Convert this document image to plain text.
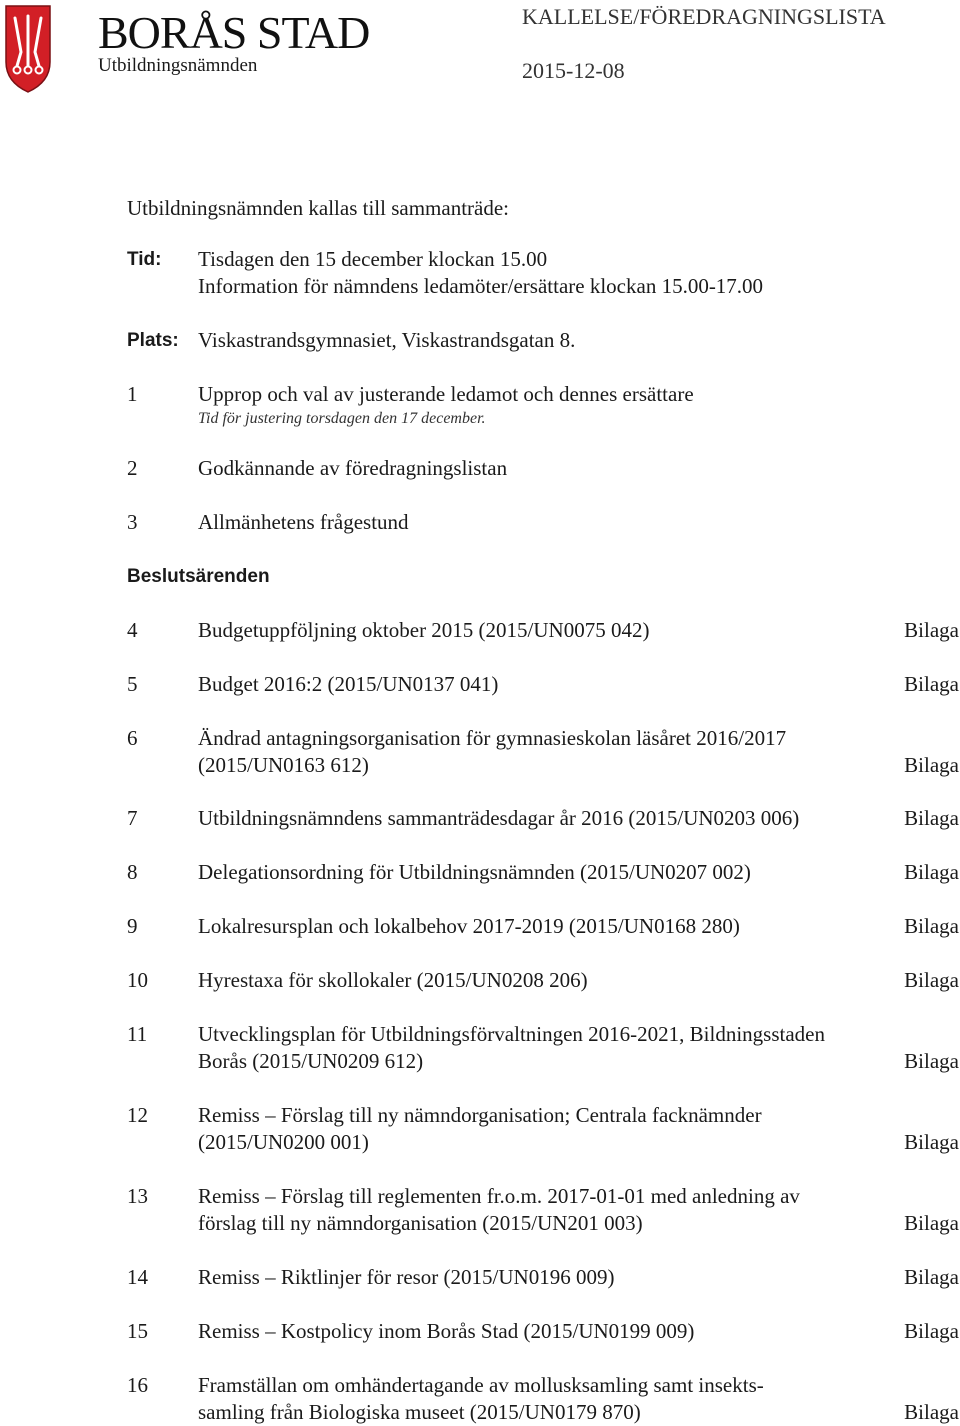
BORÅS STAD
Utbildningsnämnden
KALLELSE/FÖREDRAGNINGSLISTA
2015-12-08

Utbildningsnämnden kallas till sammanträde:

Tid:	Tisdagen den 15 december klockan 15.00
Information för nämndens ledamöter/ersättare klockan 15.00-17.00
Plats: Viskastrandsgymnasiet, Viskastrandsgatan 8.
1	Upprop och val av justerande ledamot och dennes ersättare
Tid för justering torsdagen den 17 december.
2	Godkännande av föredragningslistan
3	Allmänhetens frågestund
Beslutsärenden
4	Budgetuppföljning oktober 2015 (2015/UN0075 042)	Bilaga
5	Budget 2016:2 (2015/UN0137 041)	Bilaga
6	Ändrad antagningsorganisation för gymnasieskolan läsåret 2016/2017
(2015/UN0163 612)	Bilaga
7	Utbildningsnämndens sammanträdesdagar år 2016 (2015/UN0203 006)	Bilaga
8	Delegationsordning för Utbildningsnämnden (2015/UN0207 002)	Bilaga
9	Lokalresursplan och lokalbehov 2017-2019 (2015/UN0168 280)	Bilaga
10	Hyrestaxa för skollokaler (2015/UN0208 206)	Bilaga
11	Utvecklingsplan för Utbildningsförvaltningen 2016-2021, Bildningsstaden
Borås (2015/UN0209 612)	Bilaga
12	Remiss – Förslag till ny nämndorganisation; Centrala facknämnder
(2015/UN0200 001)	Bilaga
13	Remiss – Förslag till reglementen fr.o.m. 2017-01-01 med anledning av
förslag till ny nämndorganisation (2015/UN201 003)	Bilaga
14	Remiss – Riktlinjer för resor (2015/UN0196 009)	Bilaga
15	Remiss – Kostpolicy inom Borås Stad (2015/UN0199 009)	Bilaga
16	Framställan om omhändertagande av mollusksamling samt insekts-
samling från Biologiska museet (2015/UN0179 870)	Bilaga
